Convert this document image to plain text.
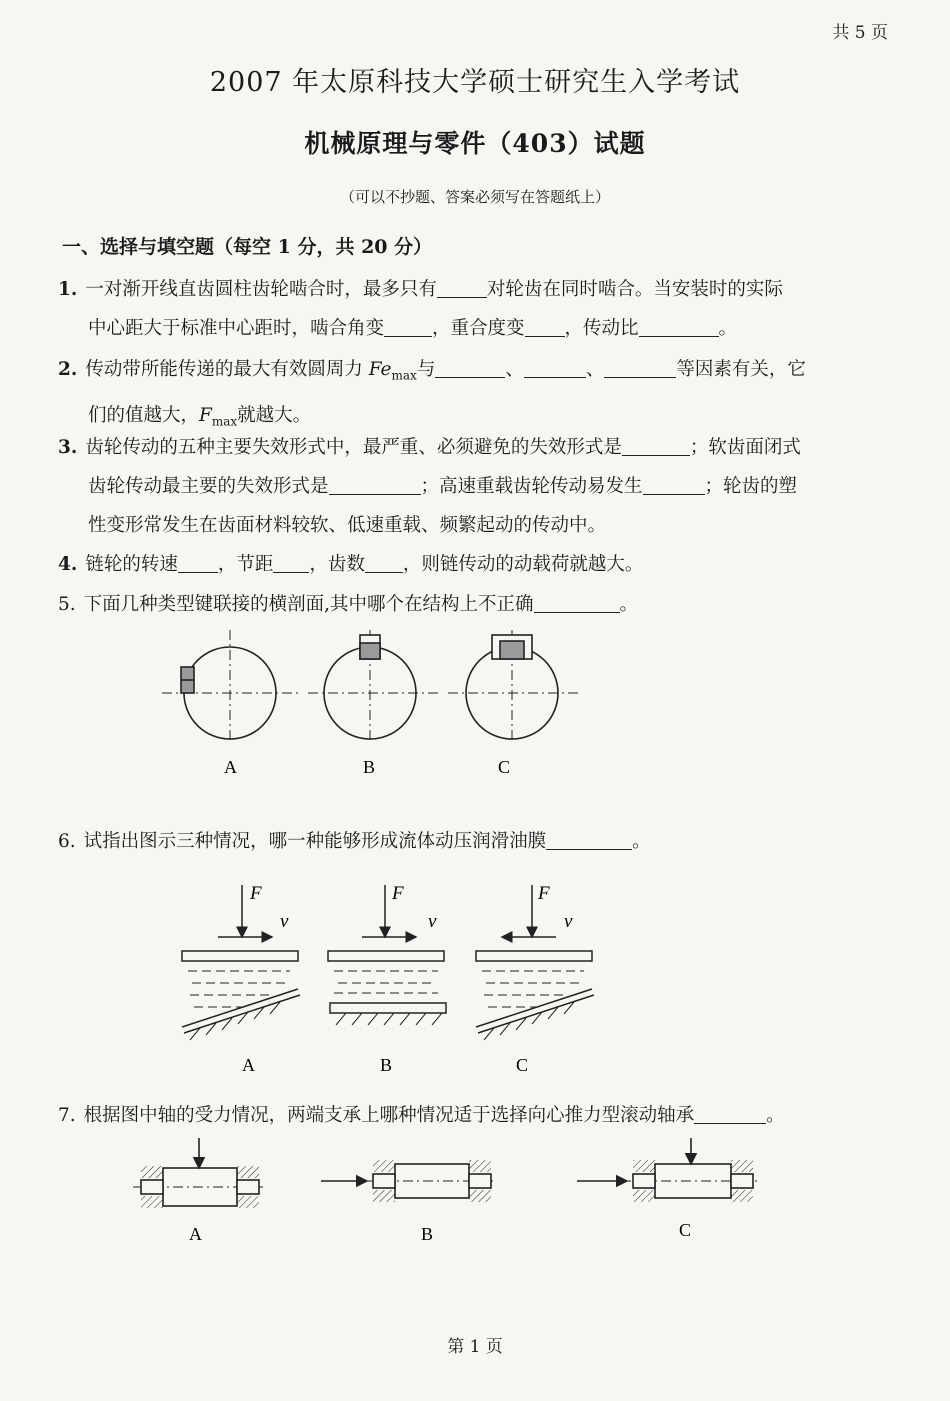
共 5 页
2007 年太原科技大学硕士研究生入学考试
机械原理与零件（403）试题
（可以不抄题、答案必须写在答题纸上）
一、选择与填空题（每空 1 分，共 20 分）
1. 一对渐开线直齿圆柱齿轮啮合时，最多只有	对轮齿在同时啮合。当安装时的实际
中心距大于标准中心距时，啮合角变	，重合度变 ，传动比	。
2. 传动带所能传递的最大有效圆周力 $Fe_{max}$与	、	、	等因素有关，它
们的值越大，$F_{max}$就越大。
3. 齿轮传动的五种主要失效形式中，最严重、必须避免的失效形式是	；软齿面闭式
齿轮传动最主要的失效形式是	；高速重载齿轮传动易发生	；轮齿的塑
性变形常发生在齿面材料较软、低速重载、频繁起动的传动中。
4. 链轮的转速 ，节距 ，齿数 ，则链传动的动载荷就越大。
5. 下面几种类型键联接的横剖面,其中哪个在结构上不正确	。
A	B	C
6. 试指出图示三种情况，哪一种能够形成流体动压润滑油膜	。
F
v
F
v
F
v
A	B	C
7. 根据图中轴的受力情况，两端支承上哪种情况适于选择向心推力型滚动轴承	。
A	B	C
第 1 页
